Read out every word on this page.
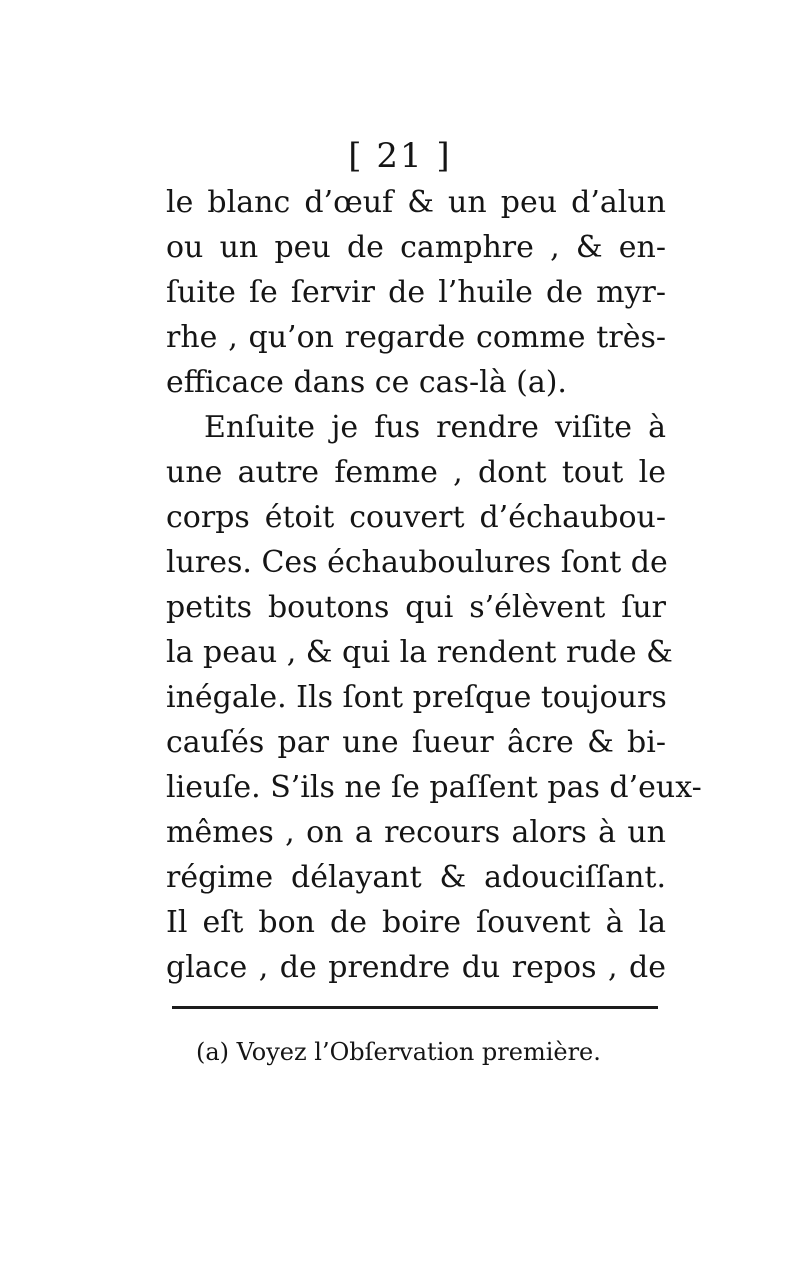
[ 21 ]
le blanc d’œuf & un peu d’alun
ou un peu de camphre , & en-
ſuite ſe ſervir de l’huile de myr-
rhe , qu’on regarde comme très-
efficace dans ce cas-là (a).
Enſuite je fus rendre viſite à
une autre femme , dont tout le
corps étoit couvert d’échaubou-
lures. Ces échauboulures ſont de
petits boutons qui s’élèvent ſur
la peau , & qui la rendent rude &
inégale. Ils ſont preſque toujours
cauſés par une ſueur âcre & bi-
lieuſe. S’ils ne ſe paſſent pas d’eux-
mêmes , on a recours alors à un
régime délayant & adouciſſant.
Il eſt bon de boire ſouvent à la
glace , de prendre du repos , de
(a) Voyez l’Obſervation première.
